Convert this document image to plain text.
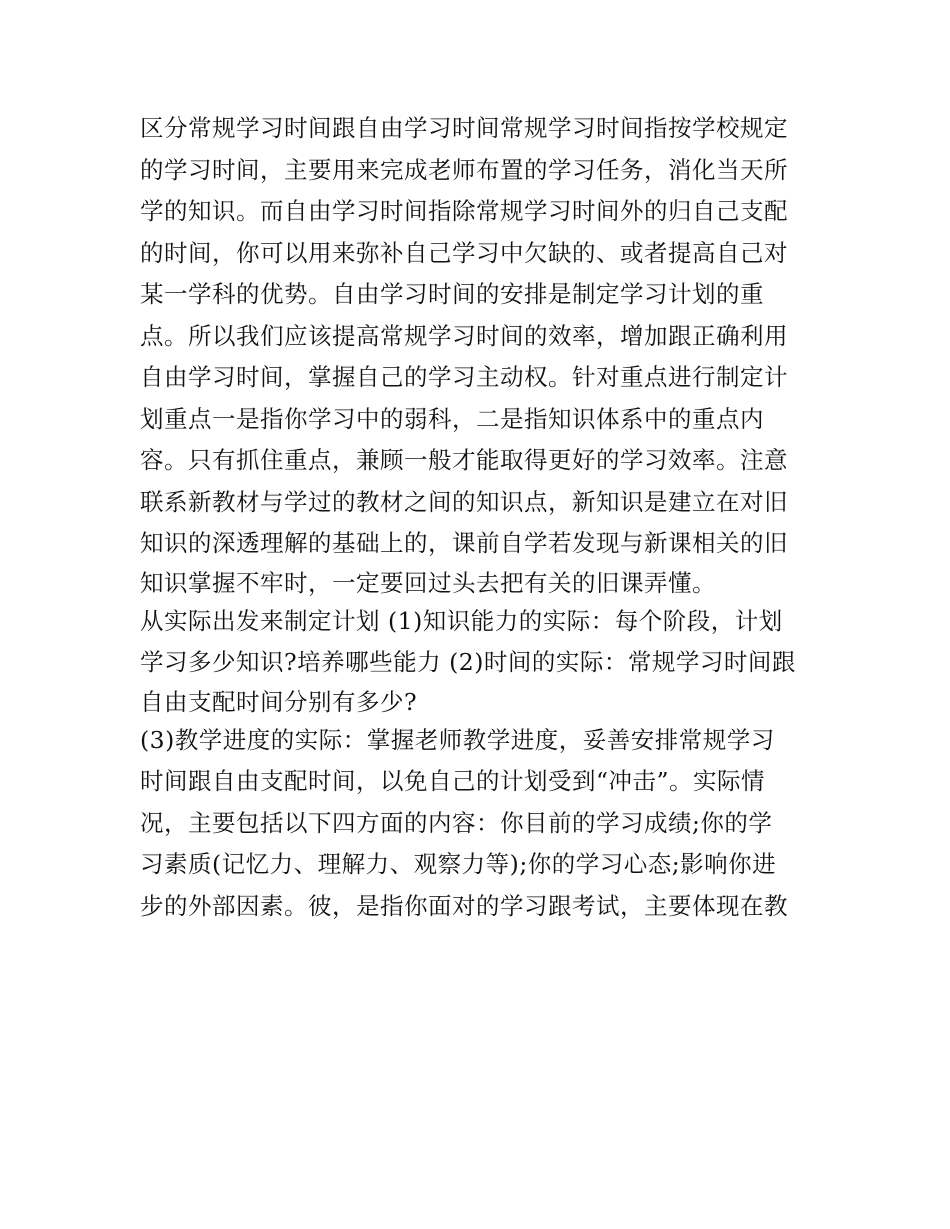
区分常规学习时间跟自由学习时间常规学习时间指按学校规定
的学习时间，主要用来完成老师布置的学习任务，消化当天所
学的知识。而自由学习时间指除常规学习时间外的归自己支配
的时间，你可以用来弥补自己学习中欠缺的、或者提高自己对
某一学科的优势。自由学习时间的安排是制定学习计划的重
点。所以我们应该提高常规学习时间的效率，增加跟正确利用
自由学习时间，掌握自己的学习主动权。针对重点进行制定计
划重点一是指你学习中的弱科，二是指知识体系中的重点内
容。只有抓住重点，兼顾一般才能取得更好的学习效率。注意
联系新教材与学过的教材之间的知识点，新知识是建立在对旧
知识的深透理解的基础上的，课前自学若发现与新课相关的旧
知识掌握不牢时，一定要回过头去把有关的旧课弄懂。
从实际出发来制定计划 (1)知识能力的实际：每个阶段，计划
学习多少知识?培养哪些能力 (2)时间的实际：常规学习时间跟
自由支配时间分别有多少?
(3)教学进度的实际：掌握老师教学进度，妥善安排常规学习
时间跟自由支配时间，以免自己的计划受到“冲击”。实际情
况，主要包括以下四方面的内容：你目前的学习成绩;你的学
习素质(记忆力、理解力、观察力等);你的学习心态;影响你进
步的外部因素。彼，是指你面对的学习跟考试，主要体现在教
